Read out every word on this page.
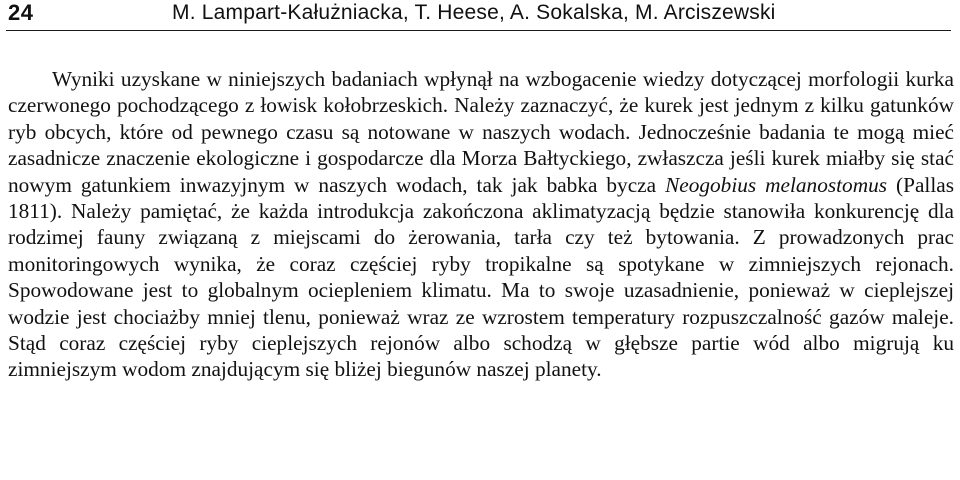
24	M. Lampart-Kałużniacka, T. Heese, A. Sokalska, M. Arciszewski

Wyniki uzyskane w niniejszych badaniach wpłynął na wzbogacenie wiedzy dotyczącej morfologii kurka czerwonego pochodzącego z łowisk kołobrzeskich. Należy zaznaczyć, że kurek jest jednym z kilku gatunków ryb obcych, które od pewnego czasu są notowane w naszych wodach. Jednocześnie badania te mogą mieć zasadnicze znaczenie ekologiczne i gospodarcze dla Morza Bałtyckiego, zwłaszcza jeśli kurek miałby się stać nowym gatunkiem inwazyjnym w naszych wodach, tak jak babka bycza Neogobius melanostomus (Pallas 1811). Należy pamiętać, że każda introdukcja zakończona aklimatyzacją będzie stanowiła konkurencję dla rodzimej fauny związaną z miejscami do żerowania, tarła czy też bytowania. Z prowadzonych prac monitoringowych wynika, że coraz częściej ryby tropikalne są spotykane w zimniejszych rejonach. Spowodowane jest to globalnym ociepleniem klimatu. Ma to swoje uzasadnienie, ponieważ w cieplejszej wodzie jest chociażby mniej tlenu, ponieważ wraz ze wzrostem temperatury rozpuszczalność gazów maleje. Stąd coraz częściej ryby cieplejszych rejonów albo schodzą w głębsze partie wód albo migrują ku zimniejszym wodom znajdującym się bliżej biegunów naszej planety.
